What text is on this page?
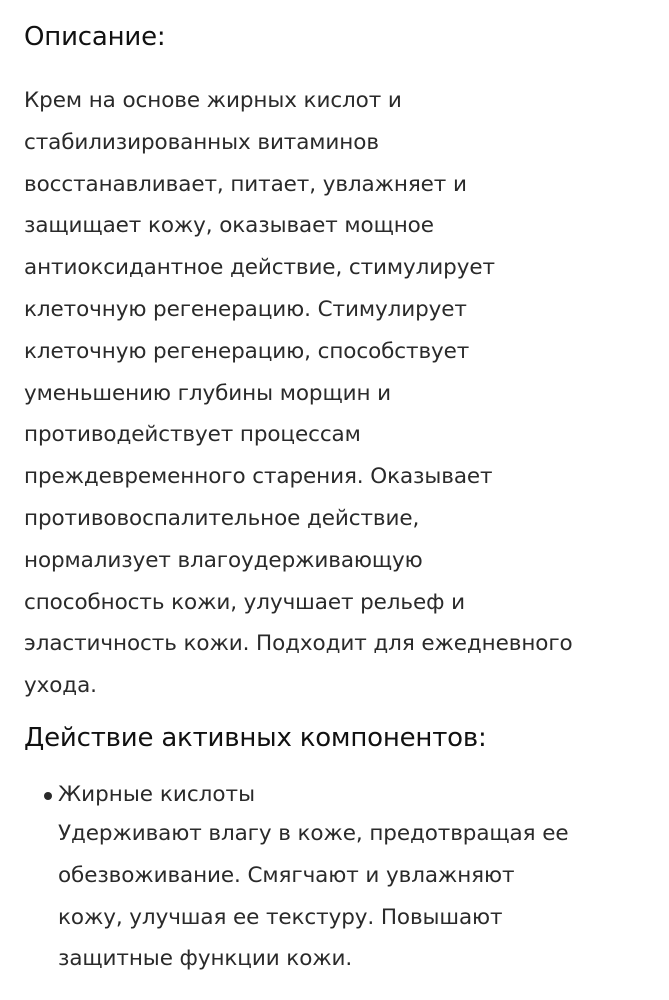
Описание:
Крем на основе жирных кислот и
стабилизированных витаминов
восстанавливает, питает, увлажняет и
защищает кожу, оказывает мощное
антиоксидантное действие, стимулирует
клеточную регенерацию. Стимулирует
клеточную регенерацию, способствует
уменьшению глубины морщин и
противодействует процессам
преждевременного старения. Оказывает
противовоспалительное действие,
нормализует влагоудерживающую
способность кожи, улучшает рельеф и
эластичность кожи. Подходит для ежедневного
ухода.
Действие активных компонентов:
Жирные кислоты
Удерживают влагу в коже, предотвращая ее
обезвоживание. Смягчают и увлажняют
кожу, улучшая ее текстуру. Повышают
защитные функции кожи.
